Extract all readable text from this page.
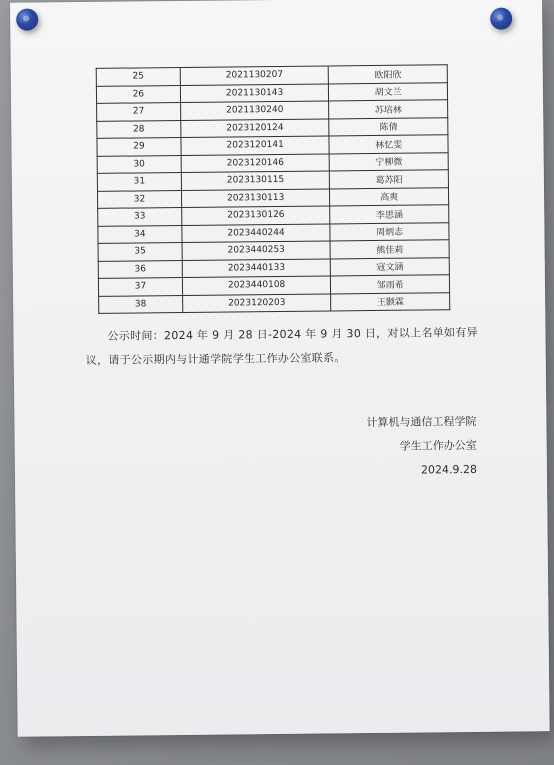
25	2021130207	欧阳欣
26	2021130143	胡文兰
27	2021130240	苏培林
28	2023120124	陈倩
29	2023120141	林忆雯
30	2023120146	宁柳微
31	2023130115	葛苏阳
32	2023130113	高爽
33	2023130126	李思涵
34	2023440244	周炳志
35	2023440253	熊佳莉
36	2023440133	寇文涵
37	2023440108	邹雨希
38	2023120203	王颢霖
公示时间：2024 年 9 月 28 日-2024 年 9 月 30 日，对以上名单如有异
议，请于公示期内与计通学院学生工作办公室联系。
计算机与通信工程学院
学生工作办公室
2024.9.28
